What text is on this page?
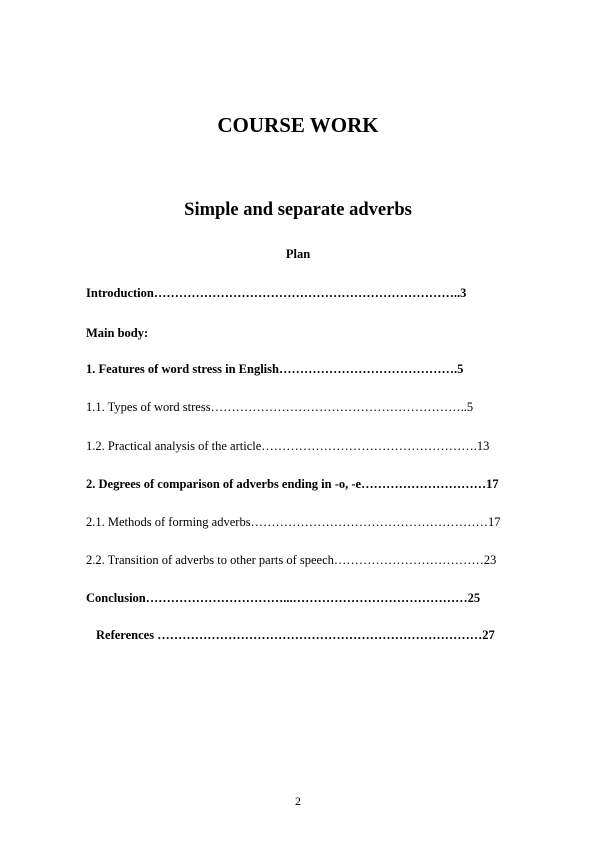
COURSE WORK
Simple and separate adverbs
Plan

Introduction………………………………………………………………..3

Main body:

1. Features of word stress in English…………………………………….5

1.1. Types of word stress……………………………………………………..5

1.2. Practical analysis of the article…………………………………………….13

2. Degrees of comparison of adverbs ending in -o, -e…………………………17

2.1. Methods of forming adverbs…………………………………………………17

2.2. Transition of adverbs to other parts of speech………………………………23

Conclusion……………………………...……………………………………25

References ……………………………………………………………………27

2
